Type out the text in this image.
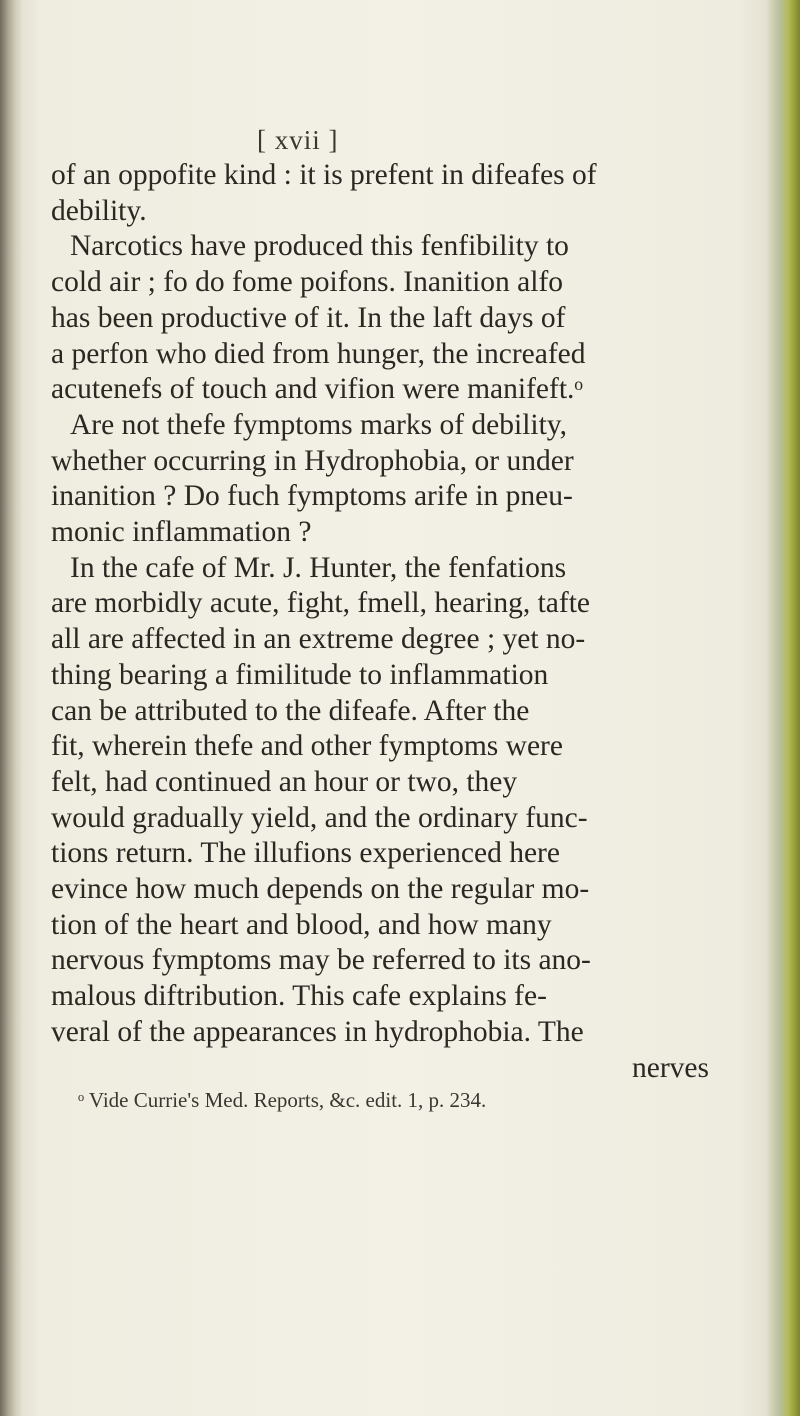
[ xvii ]
of an oppofite kind : it is prefent in difeafes of
debility.
Narcotics have produced this fenfibility to
cold air ; fo do fome poifons. Inanition alfo
has been productive of it. In the laft days of
a perfon who died from hunger, the increafed
acutenefs of touch and vifion were manifeft.ᵒ
Are not thefe fymptoms marks of debility,
whether occurring in Hydrophobia, or under
inanition ? Do fuch fymptoms arife in pneu-
monic inflammation ?
In the cafe of Mr. J. Hunter, the fenfations
are morbidly acute, fight, fmell, hearing, tafte
all are affected in an extreme degree ; yet no-
thing bearing a fimilitude to inflammation
can be attributed to the difeafe. After the
fit, wherein thefe and other fymptoms were
felt, had continued an hour or two, they
would gradually yield, and the ordinary func-
tions return. The illufions experienced here
evince how much depends on the regular mo-
tion of the heart and blood, and how many
nervous fymptoms may be referred to its ano-
malous diftribution. This cafe explains fe-
veral of the appearances in hydrophobia. The
nerves
ᵒ Vide Currie's Med. Reports, &c. edit. 1, p. 234.
